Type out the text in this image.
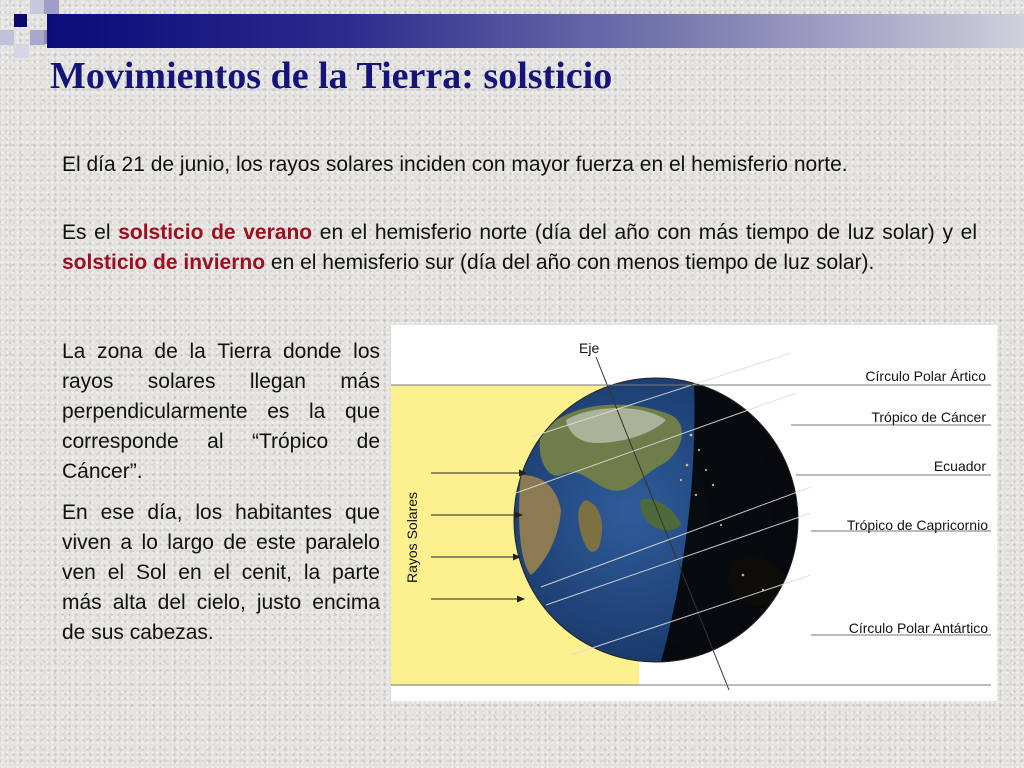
Movimientos de la Tierra: solsticio

El día 21 de junio, los rayos solares inciden con mayor fuerza en el hemisferio norte.

Es el solsticio de verano en el hemisferio norte (día del año con más tiempo de luz solar) y el solsticio de invierno en el hemisferio sur (día del año con menos tiempo de luz solar).

La zona de la Tierra donde los rayos solares llegan más perpendicularmente es la que corresponde al “Trópico de Cáncer”.

En ese día, los habitantes que viven a lo largo de este paralelo ven el Sol en el cenit, la parte más alta del cielo, justo encima de sus cabezas.

Rayos Solares
Eje
Círculo Polar Ártico
Trópico de Cáncer
Ecuador
Trópico de Capricornio
Círculo Polar Antártico
